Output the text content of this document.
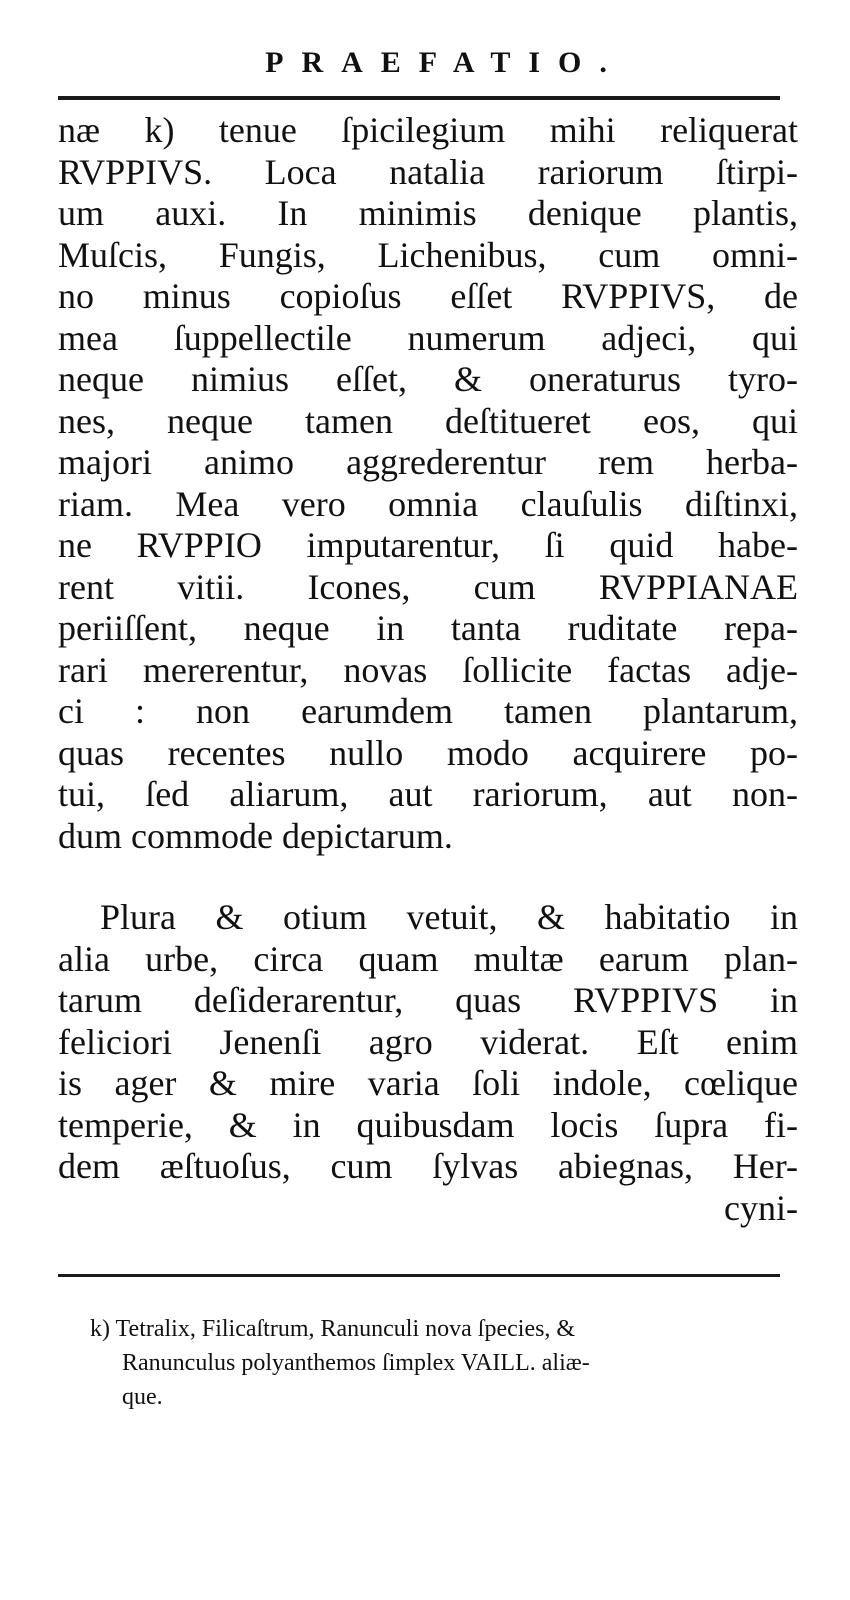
PRAEFATIO.
næ k) tenue ſpicilegium mihi reliquerat
RVPPIVS. Loca natalia rariorum ſtirpi-
um auxi. In minimis denique plantis,
Muſcis, Fungis, Lichenibus, cum omni-
no minus copioſus eſſet RVPPIVS, de
mea ſuppellectile numerum adjeci, qui
neque nimius eſſet, & oneraturus tyro-
nes, neque tamen deſtitueret eos, qui
majori animo aggrederentur rem herba-
riam. Mea vero omnia clauſulis diſtinxi,
ne RVPPIO imputarentur, ſi quid habe-
rent vitii. Icones, cum RVPPIANAE
periiſſent, neque in tanta ruditate repa-
rari mererentur, novas ſollicite factas adje-
ci : non earumdem tamen plantarum,
quas recentes nullo modo acquirere po-
tui, ſed aliarum, aut rariorum, aut non-
dum commode depictarum.
Plura & otium vetuit, & habitatio in
alia urbe, circa quam multæ earum plan-
tarum deſiderarentur, quas RVPPIVS in
feliciori Jenenſi agro viderat. Eſt enim
is ager & mire varia ſoli indole, cœlique
temperie, & in quibusdam locis ſupra fi-
dem æſtuoſus, cum ſylvas abiegnas, Her-
cyni-
k) Tetralix, Filicaſtrum, Ranunculi nova ſpecies, &
Ranunculus polyanthemos ſimplex VAILL. aliæ-
que.
